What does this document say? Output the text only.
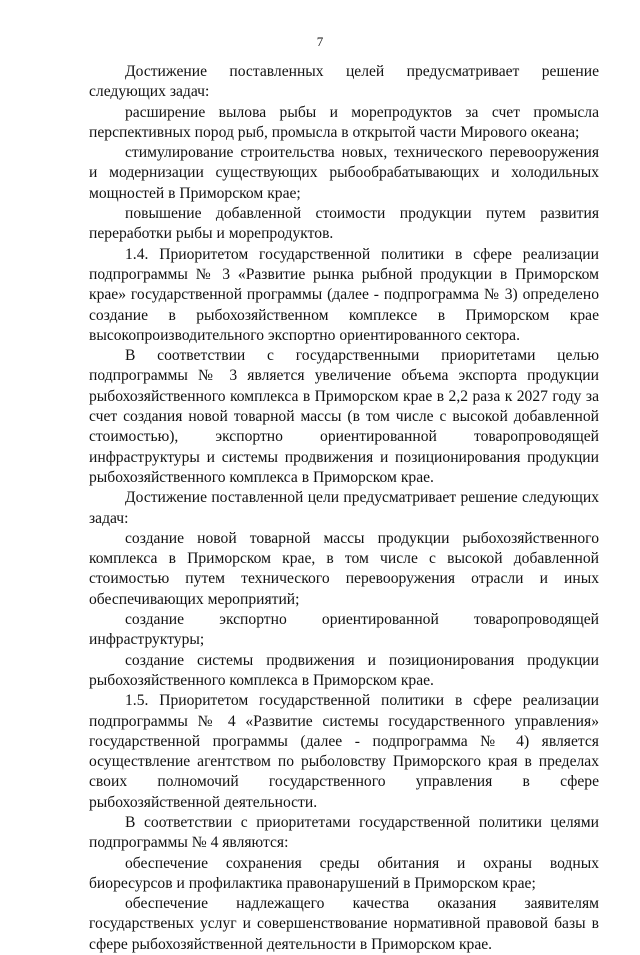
7

Достижение поставленных целей предусматривает решение следующих задач:

расширение вылова рыбы и морепродуктов за счет промысла перспективных пород рыб, промысла в открытой части Мирового океана;

стимулирование строительства новых, технического перевооружения и модернизации существующих рыбообрабатывающих и холодильных мощностей в Приморском крае;

повышение добавленной стоимости продукции путем развития переработки рыбы и морепродуктов.

1.4. Приоритетом государственной политики в сфере реализации подпрограммы № 3 «Развитие рынка рыбной продукции в Приморском крае» государственной программы (далее - подпрограмма № 3) определено создание в рыбохозяйственном комплексе в Приморском крае высокопроизводительного экспортно ориентированного сектора.

В соответствии с государственными приоритетами целью подпрограммы № 3 является увеличение объема экспорта продукции рыбохозяйственного комплекса в Приморском крае в 2,2 раза к 2027 году за счет создания новой товарной массы (в том числе с высокой добавленной стоимостью), экспортно ориентированной товаропроводящей инфраструктуры и системы продвижения и позиционирования продукции рыбохозяйственного комплекса в Приморском крае.

Достижение поставленной цели предусматривает решение следующих задач:

создание новой товарной массы продукции рыбохозяйственного комплекса в Приморском крае, в том числе с высокой добавленной стоимостью путем технического перевооружения отрасли и иных обеспечивающих мероприятий;

создание экспортно ориентированной товаропроводящей инфраструктуры;

создание системы продвижения и позиционирования продукции рыбохозяйственного комплекса в Приморском крае.

1.5. Приоритетом государственной политики в сфере реализации подпрограммы № 4 «Развитие системы государственного управления» государственной программы (далее - подпрограмма № 4) является осуществление агентством по рыболовству Приморского края в пределах своих полномочий государственного управления в сфере рыбохозяйственной деятельности.

В соответствии с приоритетами государственной политики целями подпрограммы № 4 являются:

обеспечение сохранения среды обитания и охраны водных биоресурсов и профилактика правонарушений в Приморском крае;

обеспечение надлежащего качества оказания заявителям государственых услуг и совершенствование нормативной правовой базы в сфере рыбохозяйственной деятельности в Приморском крае.
